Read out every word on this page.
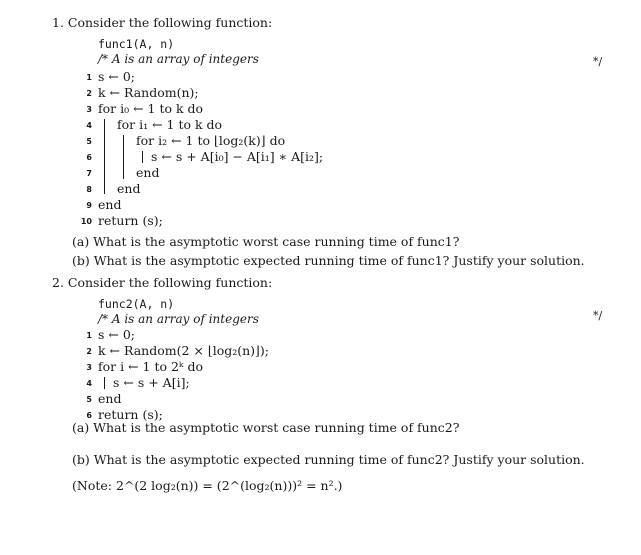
1. Consider the following function:
func1(A, n)
/* A is an array of integers	*/
1
2
3
4
5
6
7
8
9
10
s ← 0;
k ← Random(n);
for i₀ ← 1 to k do
for i₁ ← 1 to k do
for i₂ ← 1 to ⌊log₂(k)⌋ do
s ← s + A[i₀] − A[i₁] ∗ A[i₂];
end
end
end
return (s);
(a) What is the asymptotic worst case running time of func1?
(b) What is the asymptotic expected running time of func1? Justify your solution.
2. Consider the following function:
func2(A, n)
/* A is an array of integers	*/
1
2
3
4
5
6
s ← 0;
k ← Random(2 × ⌊log₂(n)⌋);
for i ← 1 to 2ᵏ do
s ← s + A[i];
end
return (s);
(a) What is the asymptotic worst case running time of func2?
(b) What is the asymptotic expected running time of func2? Justify your solution.
(Note: 2^(2 log₂(n)) = (2^(log₂(n)))² = n².)
